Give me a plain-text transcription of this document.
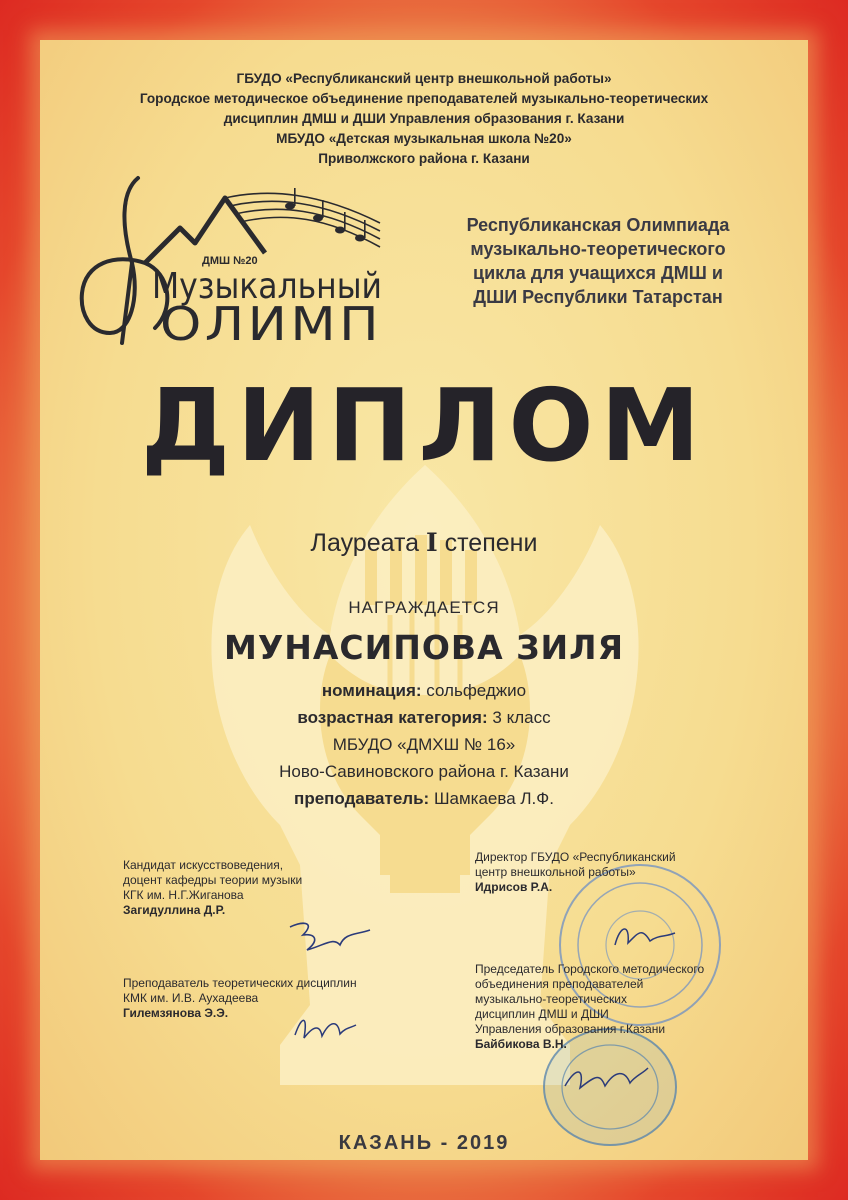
ГБУДО «Республиканский центр внешкольной работы»
Городское методическое объединение преподавателей музыкально-теоретических
дисциплин ДМШ и ДШИ Управления образования г. Казани
МБУДО «Детская музыкальная школа №20»
Приволжского района г. Казани
ДМШ №20
Музыкальный
ОЛИМП
Республиканская Олимпиада
музыкально-теоретического
цикла для учащихся ДМШ и
ДШИ Республики Татарстан
ДИПЛОМ
Лауреата I степени
НАГРАЖДАЕТСЯ
МУНАСИПОВА ЗИЛЯ
номинация: сольфеджио
возрастная категория: 3 класс
МБУДО «ДМХШ № 16»
Ново-Савиновского района г. Казани
преподаватель: Шамкаева Л.Ф.
Кандидат искусствоведения,
доцент кафедры теории музыки
КГК им. Н.Г.Жиганова
Загидуллина Д.Р.
Директор ГБУДО «Республиканский
центр внешкольной работы»
Идрисов Р.А.
Преподаватель теоретических дисциплин
КМК им. И.В. Аухадеева
Гилемзянова Э.Э.
Председатель Городского методического
объединения преподавателей
музыкально-теоретических
дисциплин ДМШ и ДШИ
Управления образования г.Казани
Байбикова В.Н.
КАЗАНЬ - 2019
